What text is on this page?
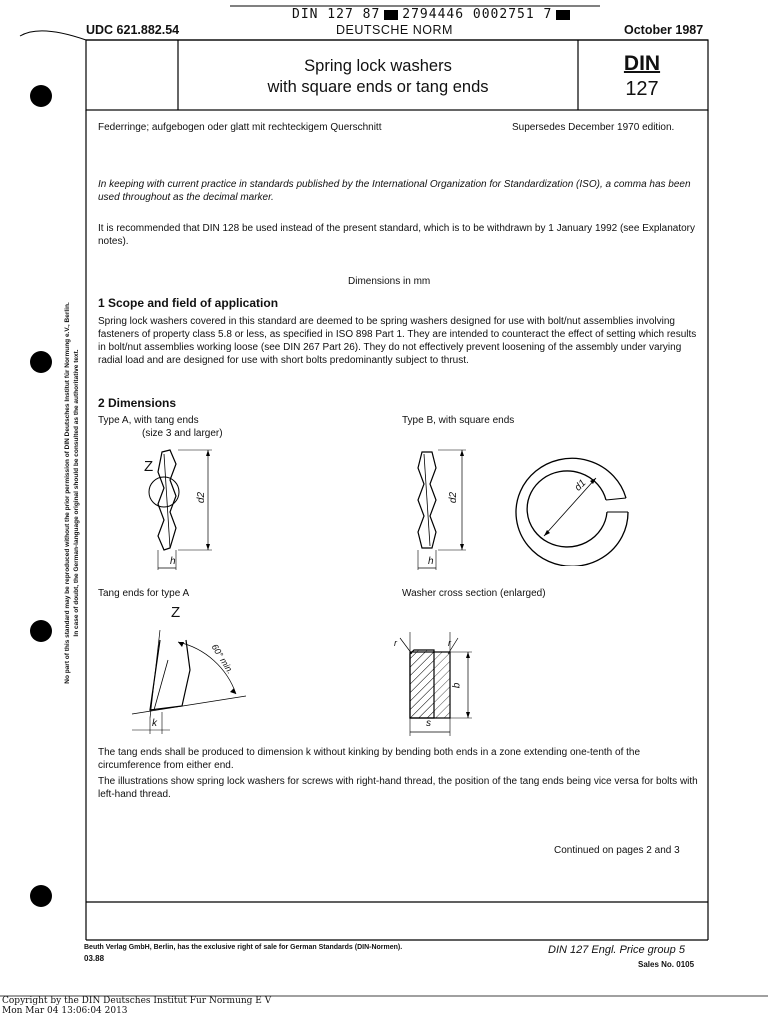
DIN 127 87 2794446 0002751 7
UDC 621.882.54	DEUTSCHE NORM	October 1987
Spring lock washers
with square ends or tang ends
DIN
127
Federringe; aufgebogen oder glatt mit rechteckigem Querschnitt	Supersedes December 1970 edition.
In keeping with current practice in standards published by the International Organization for Standardization (ISO), a comma has been used throughout as the decimal marker.
It is recommended that DIN 128 be used instead of the present standard, which is to be withdrawn by 1 January 1992 (see Explanatory notes).
Dimensions in mm
1 Scope and field of application
Spring lock washers covered in this standard are deemed to be spring washers designed for use with bolt/nut assemblies involving fasteners of property class 5.8 or less, as specified in ISO 898 Part 1. They are intended to counteract the effect of setting which results in bolt/nut assemblies working loose (see DIN 267 Part 26). They do not effectively prevent loosening of the assembly under varying radial load and are designed for use with short bolts predominantly subject to thrust.
2 Dimensions
Type A, with tang ends
(size 3 and larger)
Type B, with square ends
Z
h
d2
h
d2
d1
Tang ends for type A	Washer cross section (enlarged)
Z
60° min.
k
r	r
b
s
The tang ends shall be produced to dimension k without kinking by bending both ends in a zone extending one-tenth of the circumference from either end.
The illustrations show spring lock washers for screws with right-hand thread, the position of the tang ends being vice versa for bolts with left-hand thread.
Continued on pages 2 and 3
No part of this standard may be reproduced without the prior permission of DIN Deutsches Institut für Normung e.V., Berlin. In case of doubt, the German-language original should be consulted as the authoritative text.
Beuth Verlag GmbH, Berlin, has the exclusive right of sale for German Standards (DIN-Normen).
03.88
DIN 127 Engl. Price group 5
Sales No. 0105
Copyright by the DIN Deutsches Institut Fur Normung E V
Mon Mar 04 13:06:04 2013
